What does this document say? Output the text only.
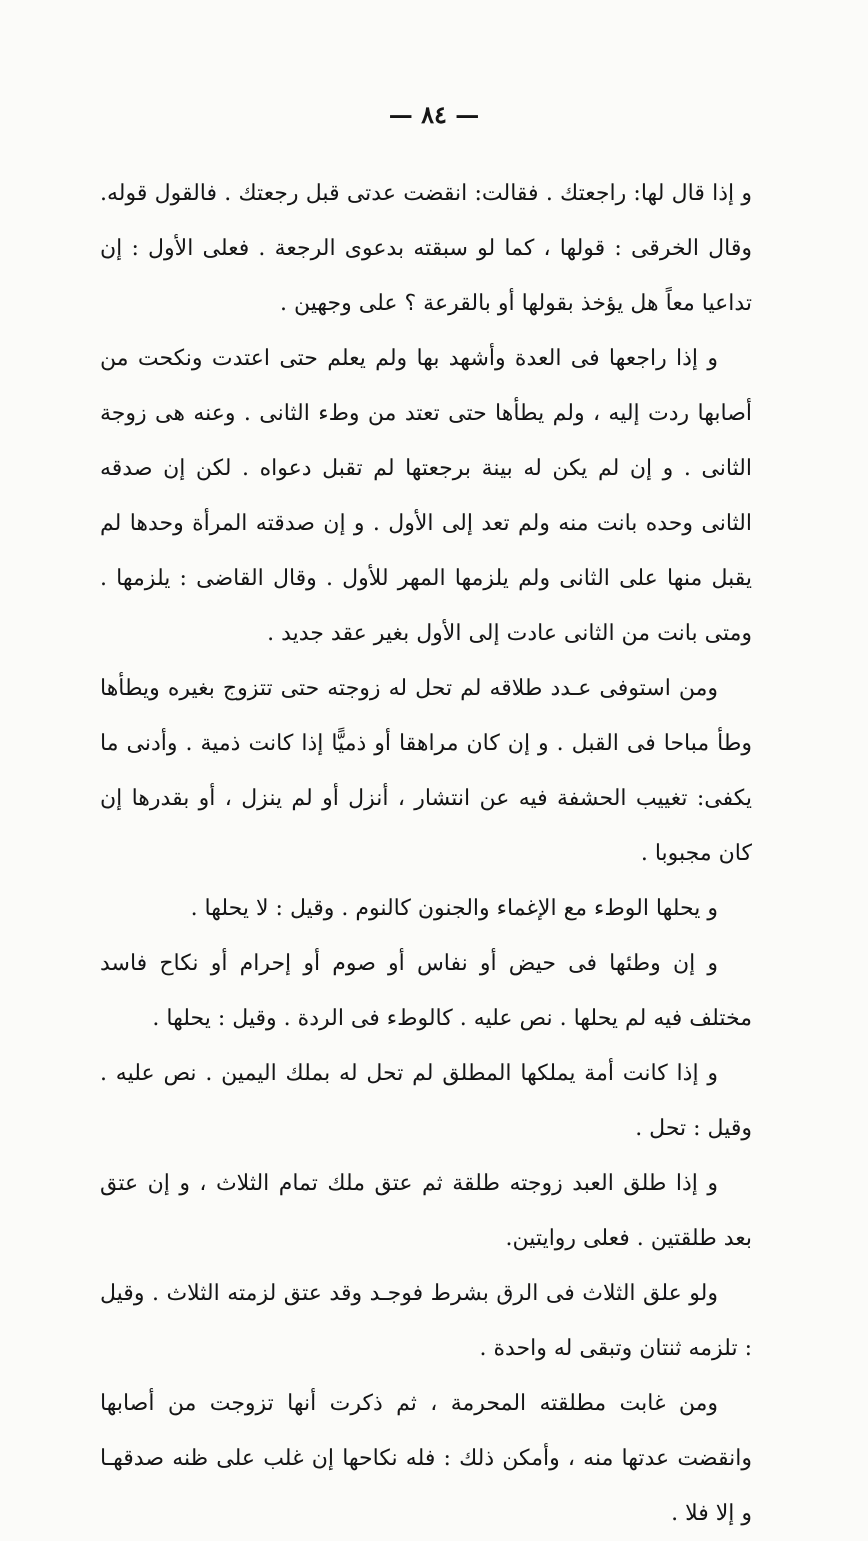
— ٨٤ —

و إذا قال لها: راجعتك . فقالت: انقضت عدتى قبل رجعتك . فالقول قوله. وقال الخرقى : قولها ، كما لو سبقته بدعوى الرجعة . فعلى الأول : إن تداعيا معاً هل يؤخذ بقولها أو بالقرعة ؟ على وجهين .

و إذا راجعها فى العدة وأشهد بها ولم يعلم حتى اعتدت ونكحت من أصابها ردت إليه ، ولم يطأها حتى تعتد من وطء الثانى . وعنه هى زوجة الثانى . و إن لم يكن له بينة برجعتها لم تقبل دعواه . لكن إن صدقه الثانى وحده بانت منه ولم تعد إلى الأول . و إن صدقته المرأة وحدها لم يقبل منها على الثانى ولم يلزمها المهر للأول . وقال القاضى : يلزمها . ومتى بانت من الثانى عادت إلى الأول بغير عقد جديد .

ومن استوفى عـدد طلاقه لم تحل له زوجته حتى تتزوج بغيره ويطأها وطأ مباحا فى القبل . و إن كان مراهقا أو ذميًّا إذا كانت ذمية . وأدنى ما يكفى: تغييب الحشفة فيه عن انتشار ، أنزل أو لم ينزل ، أو بقدرها إن كان مجبوبا .

و يحلها الوطء مع الإغماء والجنون كالنوم . وقيل : لا يحلها .

و إن وطئها فى حيض أو نفاس أو صوم أو إحرام أو نكاح فاسد مختلف فيه لم يحلها . نص عليه . كالوطء فى الردة . وقيل : يحلها .

و إذا كانت أمة يملكها المطلق لم تحل له بملك اليمين . نص عليه . وقيل : تحل .

و إذا طلق العبد زوجته طلقة ثم عتق ملك تمام الثلاث ، و إن عتق بعد طلقتين . فعلى روايتين.

ولو علق الثلاث فى الرق بشرط فوجـد وقد عتق لزمته الثلاث . وقيل : تلزمه ثنتان وتبقى له واحدة .

ومن غابت مطلقته المحرمة ، ثم ذكرت أنها تزوجت من أصابها وانقضت عدتها منه ، وأمكن ذلك : فله نكاحها إن غلب على ظنه صدقهـا و إلا فلا .
